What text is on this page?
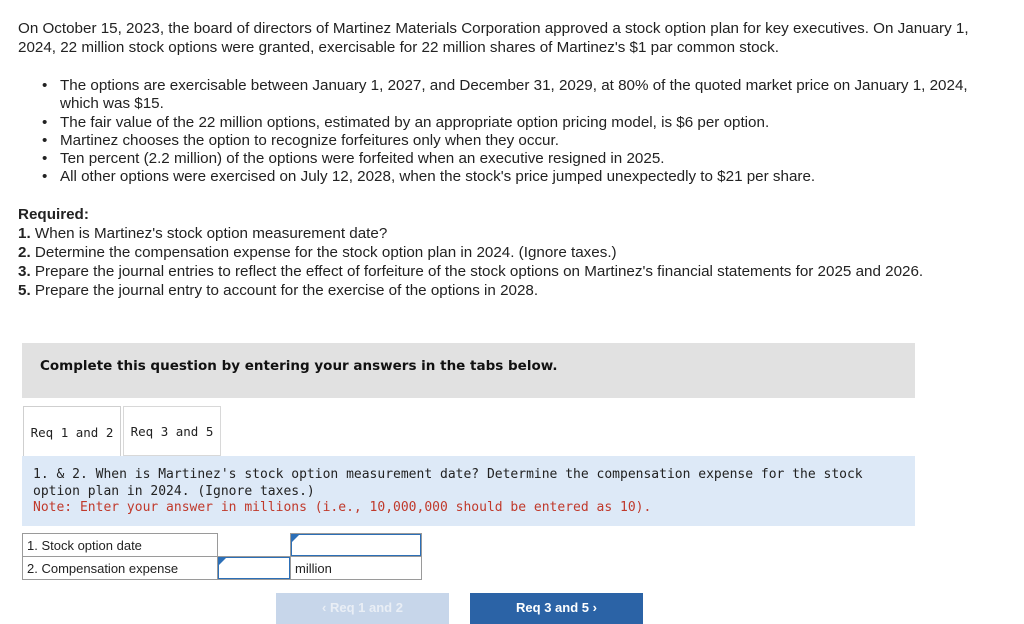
On October 15, 2023, the board of directors of Martinez Materials Corporation approved a stock option plan for key executives. On January 1, 2024, 22 million stock options were granted, exercisable for 22 million shares of Martinez's $1 par common stock.
• The options are exercisable between January 1, 2027, and December 31, 2029, at 80% of the quoted market price on January 1, 2024, which was $15.
• The fair value of the 22 million options, estimated by an appropriate option pricing model, is $6 per option.
• Martinez chooses the option to recognize forfeitures only when they occur.
• Ten percent (2.2 million) of the options were forfeited when an executive resigned in 2025.
• All other options were exercised on July 12, 2028, when the stock's price jumped unexpectedly to $21 per share.
Required:
1. When is Martinez's stock option measurement date?
2. Determine the compensation expense for the stock option plan in 2024. (Ignore taxes.)
3. Prepare the journal entries to reflect the effect of forfeiture of the stock options on Martinez's financial statements for 2025 and 2026.
5. Prepare the journal entry to account for the exercise of the options in 2028.
Complete this question by entering your answers in the tabs below.
Req 1 and 2	Req 3 and 5
1. & 2. When is Martinez's stock option measurement date? Determine the compensation expense for the stock option plan in 2024. (Ignore taxes.)
Note: Enter your answer in millions (i.e., 10,000,000 should be entered as 10).
1. Stock option date		

2. Compensation expense		million
‹ Req 1 and 2	Req 3 and 5 ›
